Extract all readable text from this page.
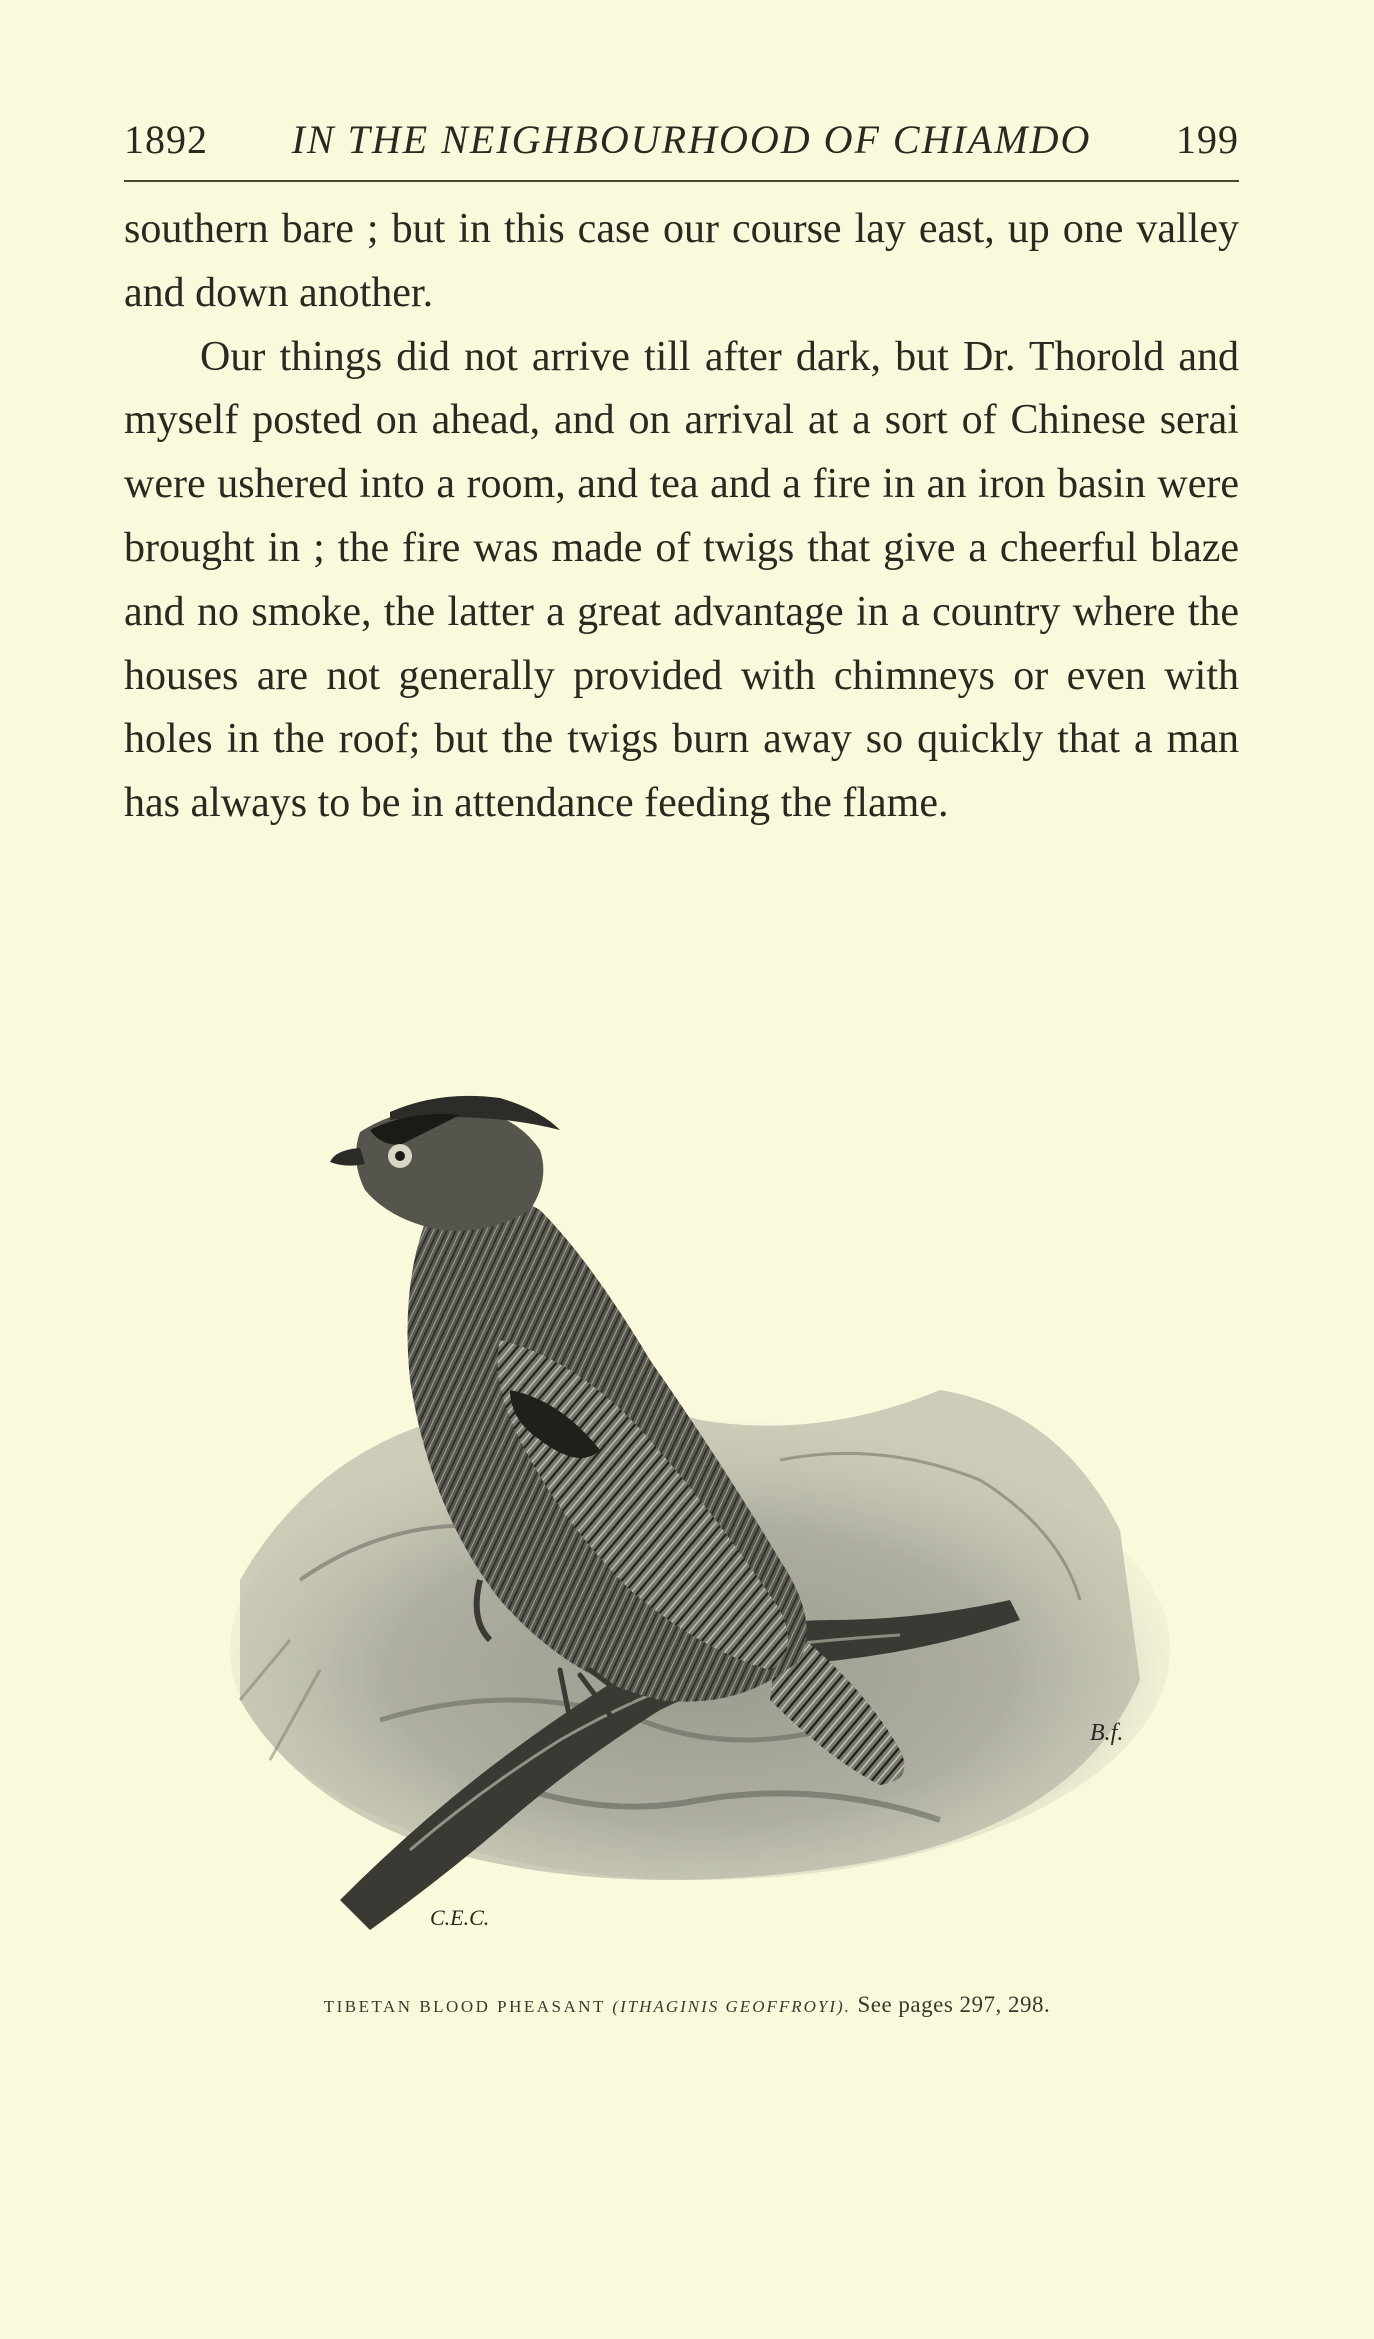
1892	IN THE NEIGHBOURHOOD OF CHIAMDO	199

southern bare ; but in this case our course lay east, up one valley and down another.

Our things did not arrive till after dark, but Dr. Thorold and myself posted on ahead, and on arrival at a sort of Chinese serai were ushered into a room, and tea and a fire in an iron basin were brought in ; the fire was made of twigs that give a cheerful blaze and no smoke, the latter a great advantage in a country where the houses are not generally provided with chimneys or even with holes in the roof; but the twigs burn away so quickly that a man has always to be in attendance feeding the flame.

C.E.C.
B.f.
TIBETAN BLOOD PHEASANT (ITHAGINIS GEOFFROYI). See pages 297, 298.
